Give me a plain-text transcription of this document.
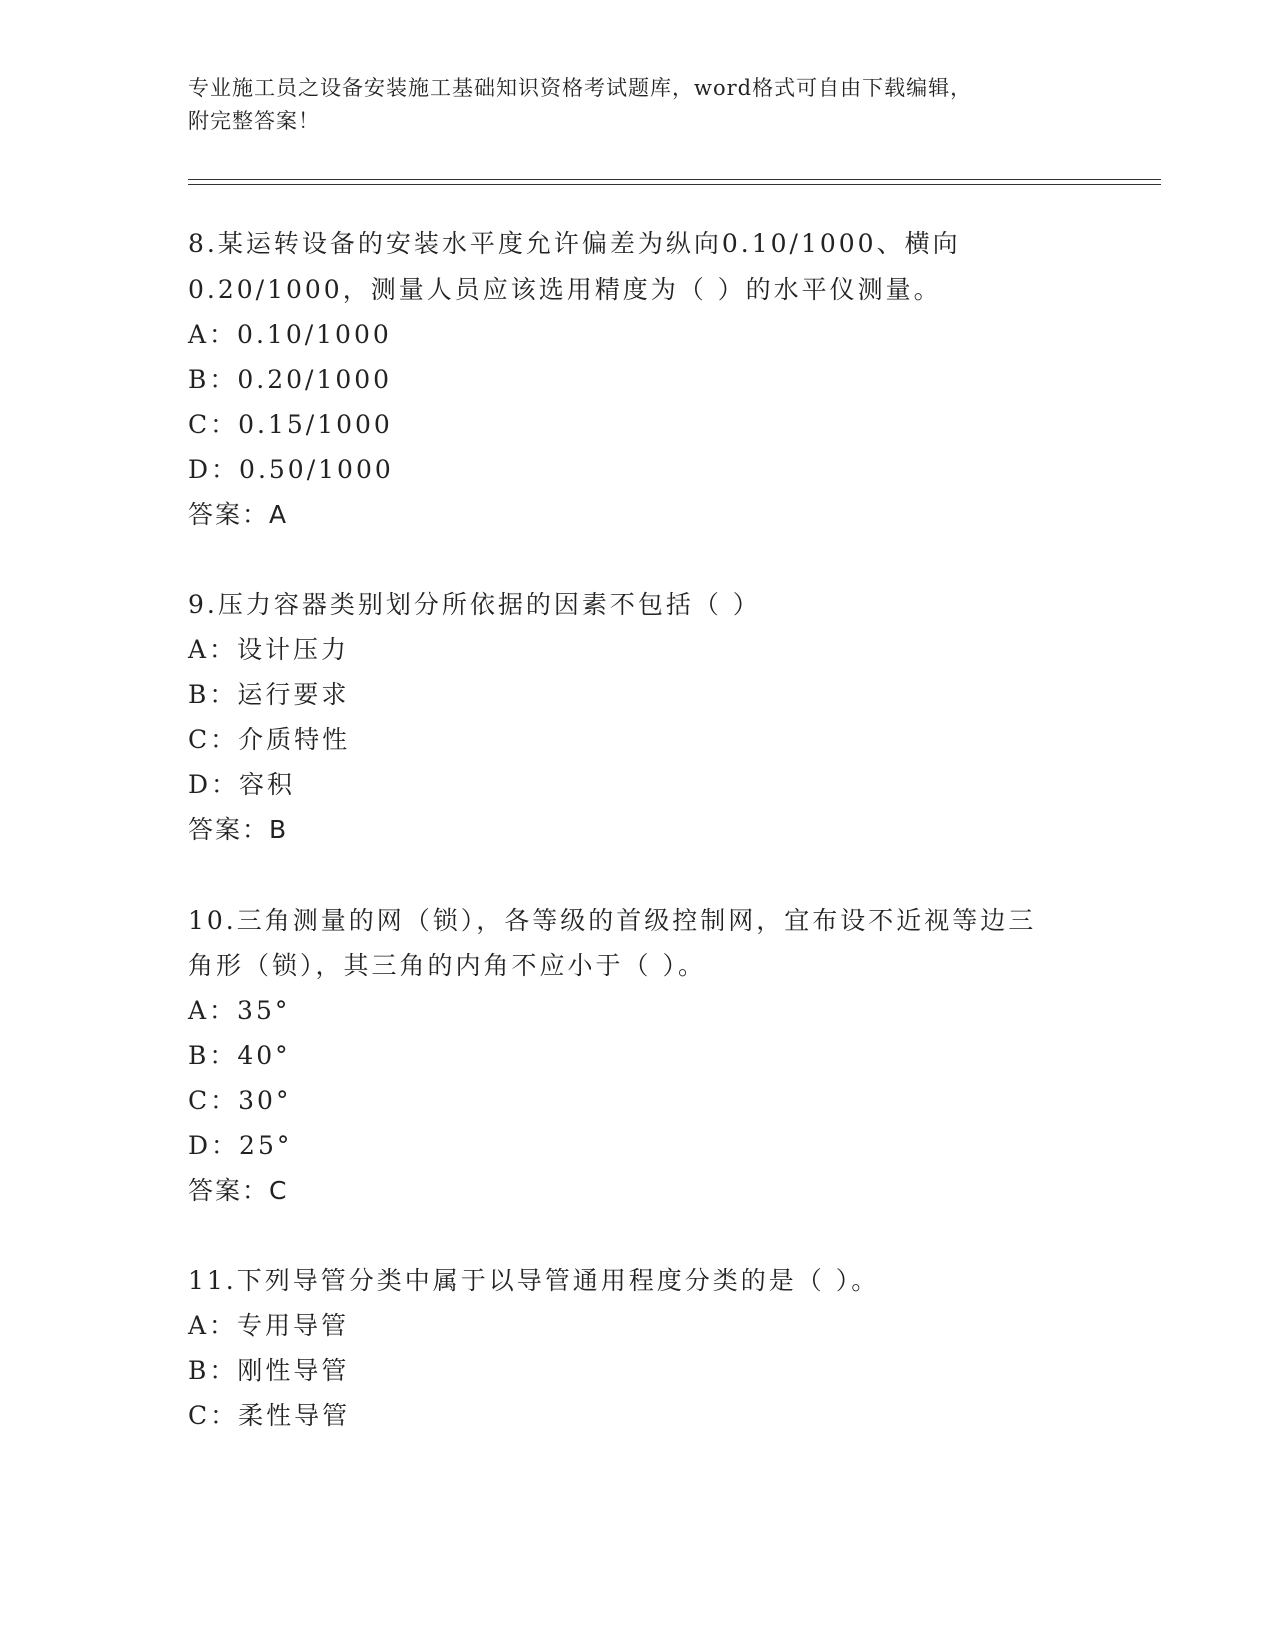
专业施工员之设备安装施工基础知识资格考试题库，word格式可自由下载编辑，
附完整答案！
8.某运转设备的安装水平度允许偏差为纵向0.10/1000、横向
0.20/1000，测量人员应该选用精度为（ ）的水平仪测量。
A：0.10/1000
B：0.20/1000
C：0.15/1000
D：0.50/1000
答案：A
9.压力容器类别划分所依据的因素不包括（ ）
A：设计压力
B：运行要求
C：介质特性
D：容积
答案：B
10.三角测量的网（锁），各等级的首级控制网，宜布设不近视等边三
角形（锁），其三角的内角不应小于（ ）。
A：35°
B：40°
C：30°
D：25°
答案：C
11.下列导管分类中属于以导管通用程度分类的是（ ）。
A：专用导管
B：刚性导管
C：柔性导管
